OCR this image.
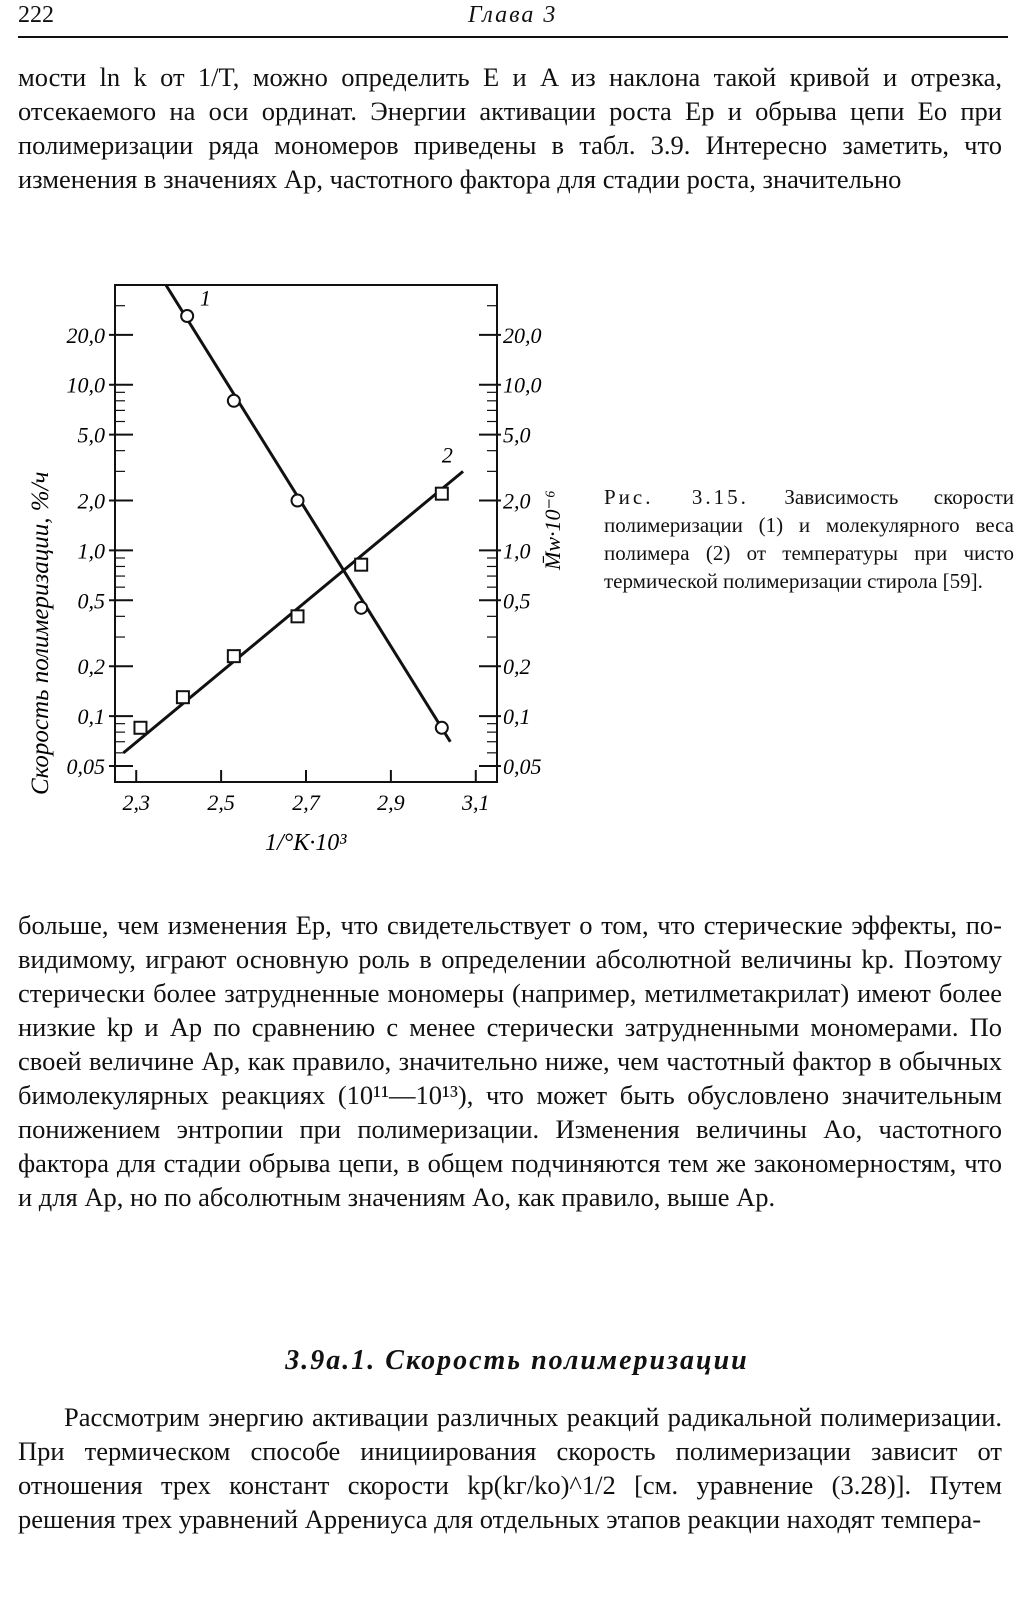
222	Глава 3

мости ln k от 1/T, можно определить E и A из наклона такой кривой и отрезка, отсекаемого на оси ординат. Энергии активации роста Eр и обрыва цепи Eо при полимеризации ряда мономеров приведены в табл. 3.9. Интересно заметить, что изменения в значениях Aр, частотного фактора для стадии роста, значительно

2,3	2,5	2,7	2,9	3,1
0,05	0,05
0,1	0,1
0,2	0,2
0,5	0,5
1,0	1,0
2,0	2,0
5,0	5,0
10,0	10,0
20,0	20,0
1
2
Скорость полимеризации, %/ч	M̄w·10⁻⁶
1/°K·10³

Рис. 3.15. Зависимость скорости полимеризации (1) и молекулярного веса полимера (2) от температуры при чисто термической полимеризации стирола [59].

больше, чем изменения Eр, что свидетельствует о том, что стерические эффекты, по-видимому, играют основную роль в определении абсолютной величины kр. Поэтому стерически более затрудненные мономеры (например, метилметакрилат) имеют более низкие kр и Aр по сравнению с менее стерически затрудненными мономерами. По своей величине Aр, как правило, значительно ниже, чем частотный фактор в обычных бимолекулярных реакциях (10¹¹—10¹³), что может быть обусловлено значительным понижением энтропии при полимеризации. Изменения величины Aо, частотного фактора для стадии обрыва цепи, в общем подчиняются тем же закономерностям, что и для Aр, но по абсолютным значениям Aо, как правило, выше Aр.

3.9а.1. Скорость полимеризации

Рассмотрим энергию активации различных реакций радикальной полимеризации. При термическом способе инициирования скорость полимеризации зависит от отношения трех констант скорости kр(kг/kо)^1/2 [см. уравнение (3.28)]. Путем решения трех уравнений Аррениуса для отдельных этапов реакции находят темпера-
